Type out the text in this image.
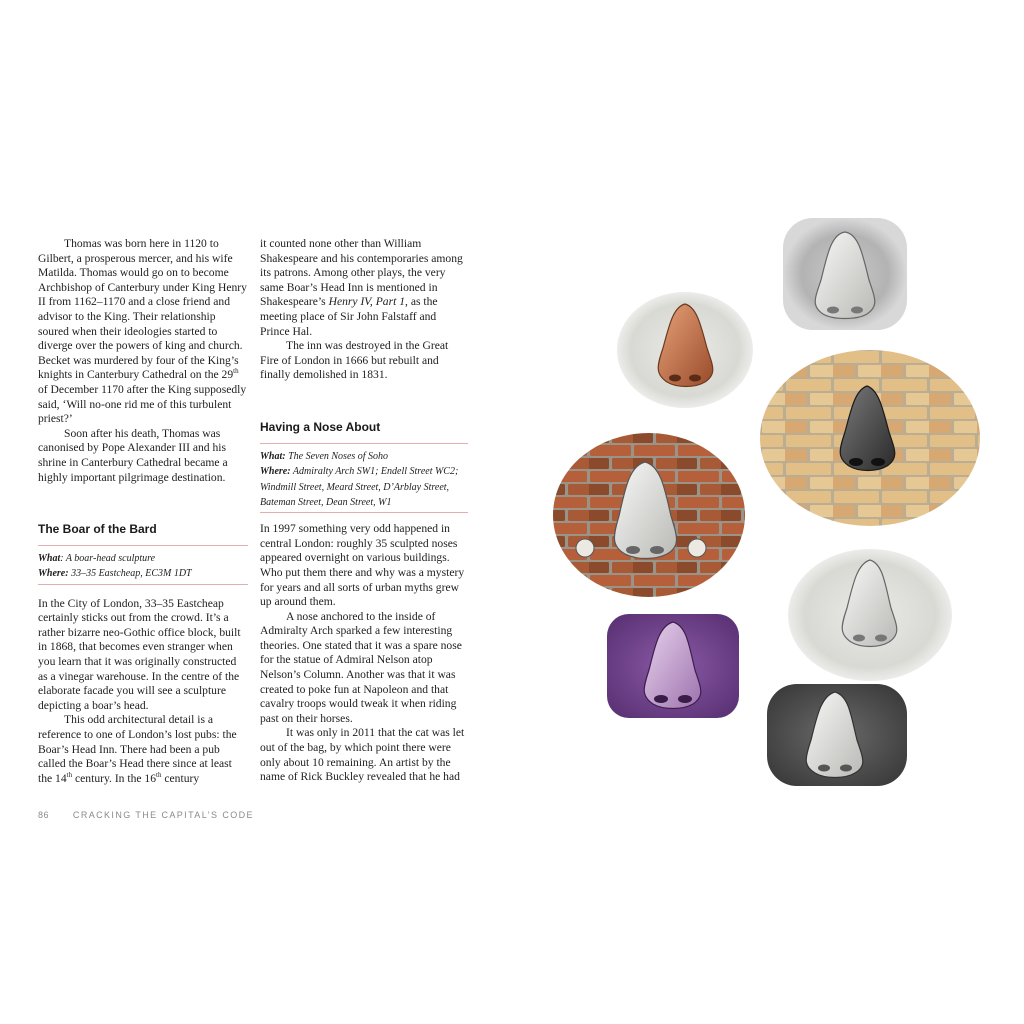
Thomas was born here in 1120 to Gilbert, a prosperous mercer, and his wife Matilda. Thomas would go on to become Archbishop of Canterbury under King Henry II from 1162–1170 and a close friend and advisor to the King. Their relationship soured when their ideologies started to diverge over the powers of king and church. Becket was murdered by four of the King’s knights in Canterbury Cathedral on the 29th of December 1170 after the King supposedly said, ‘Will no-one rid me of this turbulent priest?’

Soon after his death, Thomas was canonised by Pope Alexander III and his shrine in Canterbury Cathedral became a highly important pilgrimage destination.

The Boar of the Bard
What: A boar-head sculpture
Where: 33–35 Eastcheap, EC3M 1DT

In the City of London, 33–35 Eastcheap certainly sticks out from the crowd. It’s a rather bizarre neo-Gothic office block, built in 1868, that becomes even stranger when you learn that it was originally constructed as a vinegar warehouse. In the centre of the elaborate facade you will see a sculpture depicting a boar’s head.

This odd architectural detail is a reference to one of London’s lost pubs: the Boar’s Head Inn. There had been a pub called the Boar’s Head there since at least the 14th century. In the 16th century

it counted none other than William Shakespeare and his contemporaries among its patrons. Among other plays, the very same Boar’s Head Inn is mentioned in Shakespeare’s Henry IV, Part 1, as the meeting place of Sir John Falstaff and Prince Hal.

The inn was destroyed in the Great Fire of London in 1666 but rebuilt and finally demolished in 1831.

Having a Nose About
What: The Seven Noses of Soho
Where: Admiralty Arch SW1; Endell Street WC2; Windmill Street, Meard Street, D’Arblay Street, Bateman Street, Dean Street, W1

In 1997 something very odd happened in central London: roughly 35 sculpted noses appeared overnight on various buildings. Who put them there and why was a mystery for years and all sorts of urban myths grew up around them.

A nose anchored to the inside of Admiralty Arch sparked a few interesting theories. One stated that it was a spare nose for the statue of Admiral Nelson atop Nelson’s Column. Another was that it was created to poke fun at Napoleon and that cavalry troops would tweak it when riding past on their horses.

It was only in 2011 that the cat was let out of the bag, by which point there were only about 10 remaining. An artist by the name of Rick Buckley revealed that he had

86	CRACKING THE CAPITAL’S CODE
